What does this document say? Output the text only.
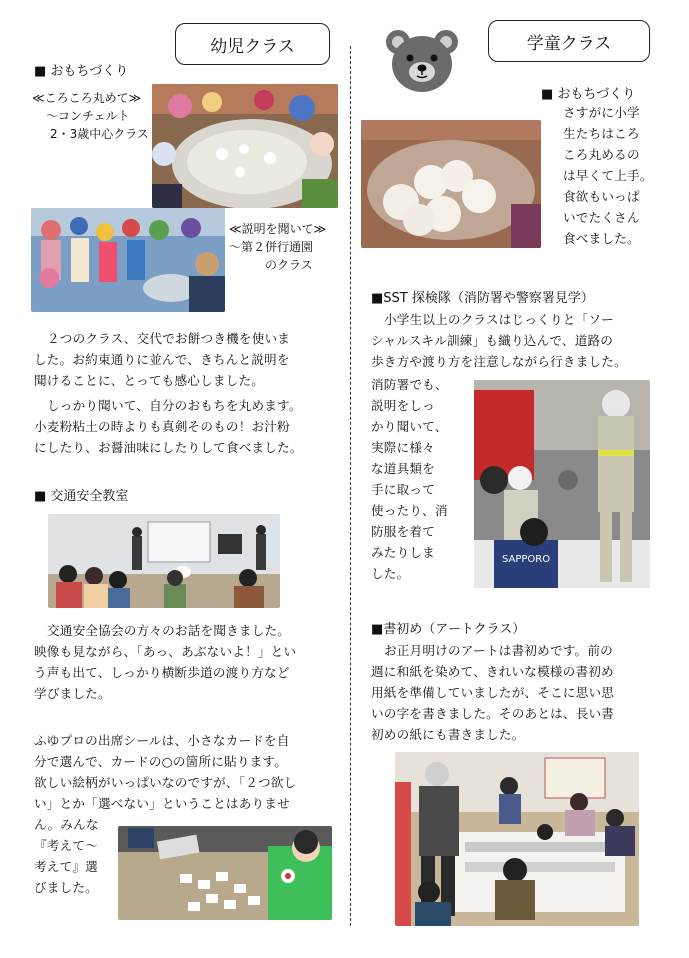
幼児クラス
■ おもちづくり
≪ころころ丸めて≫
～コンチェルト
2・3歳中心クラス
≪説明を聞いて≫
～第２併行通園
のクラス
２つのクラス、交代でお餅つき機を使いま
した。お約束通りに並んで、きちんと説明を
聞けることに、とっても感心しました。
しっかり聞いて、自分のおもちを丸めます。
小麦粉粘土の時よりも真剣そのもの！お汁粉
にしたり、お醤油味にしたりして食べました。
■ 交通安全教室
交通安全協会の方々のお話を聞きました。
映像も見ながら、「あっ、あぶないよ！」とい
う声も出て、しっかり横断歩道の渡り方など
学びました。
ふゆプロの出席シールは、小さなカードを自
分で選んで、カードの○の箇所に貼ります。
欲しい絵柄がいっぱいなのですが、「２つ欲し
い」とか「選べない」ということはありませ
ん。みんな
『考えて～
考えて』選
びました。
学童クラス
■ おもちづくり
さすがに小学
生たちはころ
ころ丸めるの
は早くて上手。
食欲もいっぱ
いでたくさん
食べました。
■SST 探検隊（消防署や警察署見学）
小学生以上のクラスはじっくりと「ソー
シャルスキル訓練」も織り込んで、道路の
歩き方や渡り方を注意しながら行きました。
消防署でも、
説明をしっ
かり聞いて、
実際に様々
な道具類を
手に取って
使ったり、消
防服を着て
みたりしま
した。
SAPPORO
■書初め（アートクラス）
お正月明けのアートは書初めです。前の
週に和紙を染めて、きれいな模様の書初め
用紙を準備していましたが、そこに思い思
いの字を書きました。そのあとは、長い書
初めの紙にも書きました。
